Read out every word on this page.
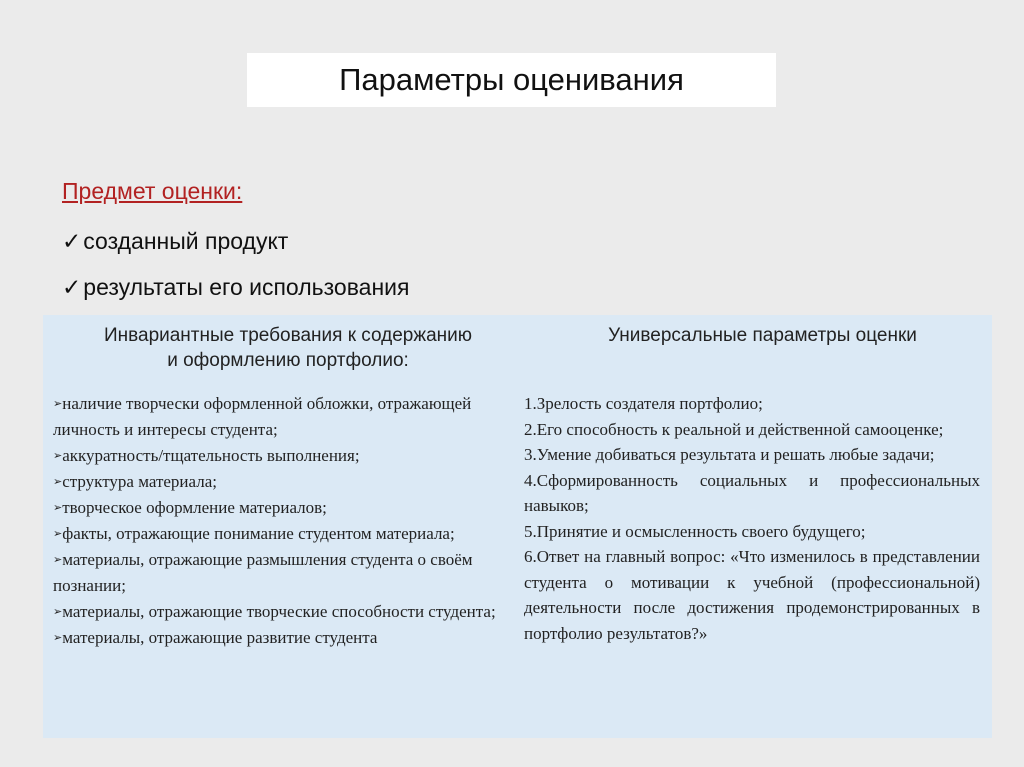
Параметры оценивания
Предмет оценки:
✓созданный продукт
✓результаты его использования
Инвариантные требования к содержанию
и оформлению портфолио:
Универсальные параметры оценки

➢наличие творчески оформленной обложки, отражающей личность и интересы студента;

➢аккуратность/тщательность выполнения;

➢структура материала;

➢творческое оформление материалов;

➢факты, отражающие понимание студентом материала;

➢материалы, отражающие размышления студента о своём познании;

➢материалы, отражающие творческие способности студента;

➢материалы, отражающие развитие студента

1.Зрелость создателя портфолио;

2.Его способность к реальной и действенной самооценке;

3.Умение добиваться результата и решать любые задачи;

4.Сформированность социальных и профессиональных навыков;

5.Принятие и осмысленность своего будущего;

6.Ответ на главный вопрос: «Что изменилось в представлении студента о мотивации к учебной (профессиональной) деятельности после достижения продемонстрированных в портфолио результатов?»
